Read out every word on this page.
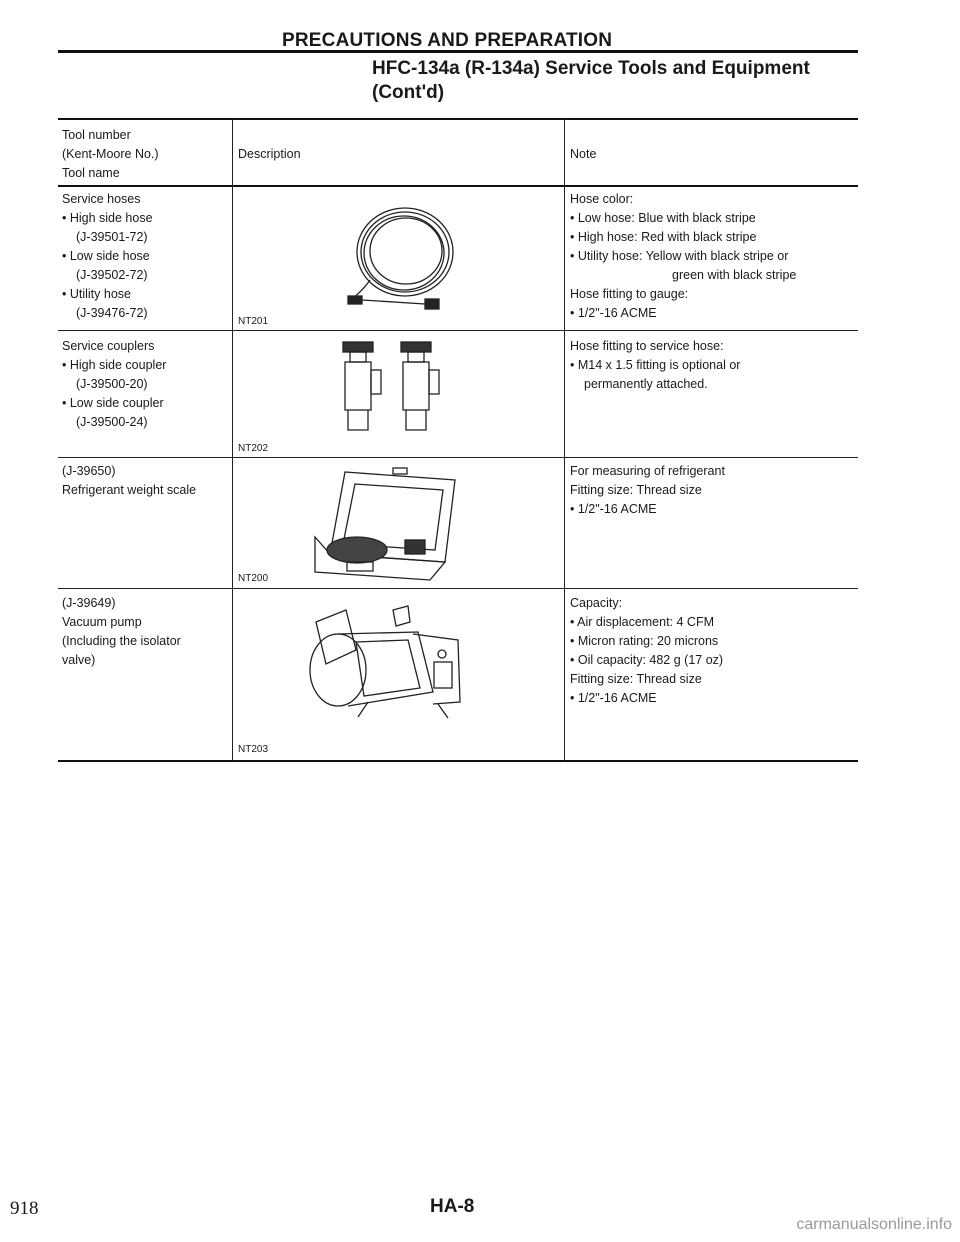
PRECAUTIONS AND PREPARATION
HFC-134a (R-134a) Service Tools and Equipment
(Cont'd)
Tool number
(Kent-Moore No.)
Tool name
Description	Note
Service hoses
• High side hose
(J-39501-72)
• Low side hose
(J-39502-72)
• Utility hose
(J-39476-72)
NT201
Hose color:
• Low hose: Blue with black stripe
• High hose: Red with black stripe
• Utility hose: Yellow with black stripe or
green with black stripe
Hose fitting to gauge:
• 1/2"-16 ACME
Service couplers
• High side coupler
(J-39500-20)
• Low side coupler
(J-39500-24)
NT202
Hose fitting to service hose:
• M14 x 1.5 fitting is optional or
permanently attached.
(J-39650)
Refrigerant weight scale
NT200
For measuring of refrigerant
Fitting size: Thread size
• 1/2"-16 ACME
(J-39649)
Vacuum pump
(Including the isolator
valve)
NT203
Capacity:
• Air displacement: 4 CFM
• Micron rating: 20 microns
• Oil capacity: 482 g (17 oz)
Fitting size: Thread size
• 1/2"-16 ACME
HA-8
918
carmanualsonline.info
